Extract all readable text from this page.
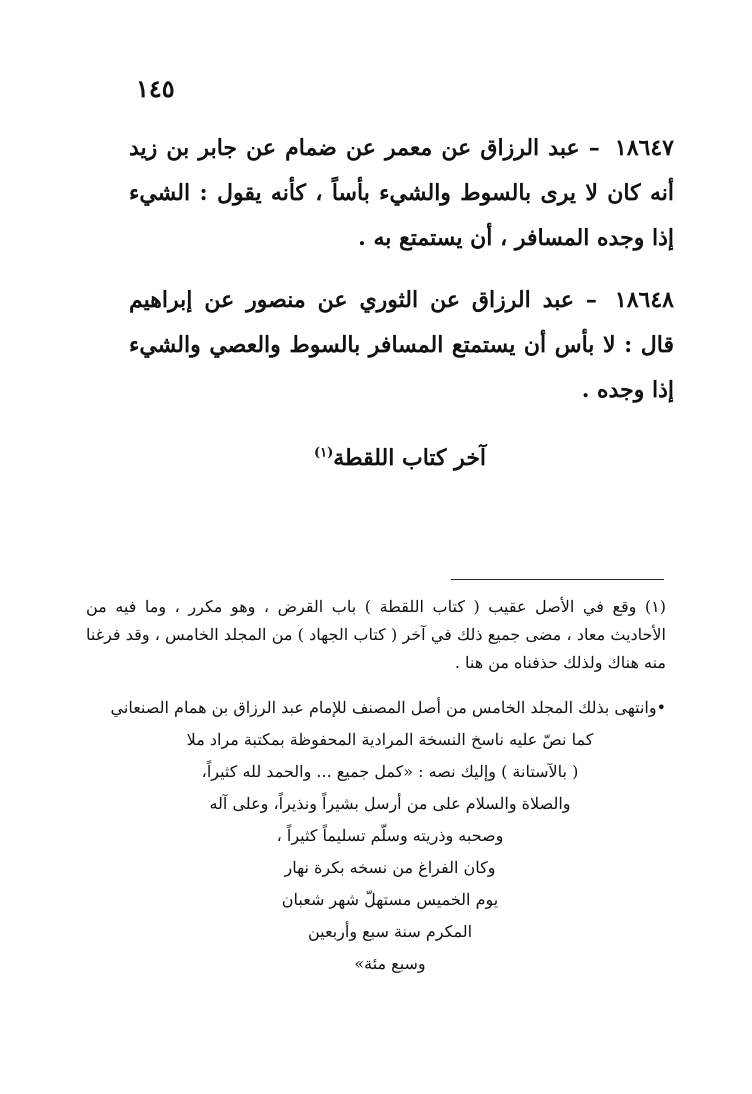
١٤٥

١٨٦٤٧ – عبد الرزاق عن معمر عن ضمام عن جابر بن زيد أنه كان لا يرى بالسوط والشيء بأساً ، كأنه يقول : الشيء إذا وجده المسافر ، أن يستمتع به .

١٨٦٤٨ – عبد الرزاق عن الثوري عن منصور عن إبراهيم قال : لا بأس أن يستمتع المسافر بالسوط والعصي والشيء إذا وجده .

آخر كتاب اللقطة$^{(١)}$

(١) وقع في الأصل عقيب ( كتاب اللقطة ) باب القرض ، وهو مكرر ، وما فيه من الأحاديث معاد ، مضى جميع ذلك في آخر ( كتاب الجهاد ) من المجلد الخامس ، وقد فرغنا منه هناك ولذلك حذفناه من هنا .

•وانتهى بذلك المجلد الخامس من أصل المصنف للإمام عبد الرزاق بن همام الصنعاني
كما نصّ عليه ناسخ النسخة المرادية المحفوظة بمكتبة مراد ملا
( بالآستانة ) وإليك نصه : «كمل جميع ... والحمد لله كثيراً،
والصلاة والسلام على من أرسل بشيراً ونذيراً، وعلى آله
وصحبه وذريته وسلّم تسليماً كثيراً ،
وكان الفراغ من نسخه بكرة نهار
يوم الخميس مستهلّ شهر شعبان
المكرم سنة سبع وأربعين
وسبع مئة»
